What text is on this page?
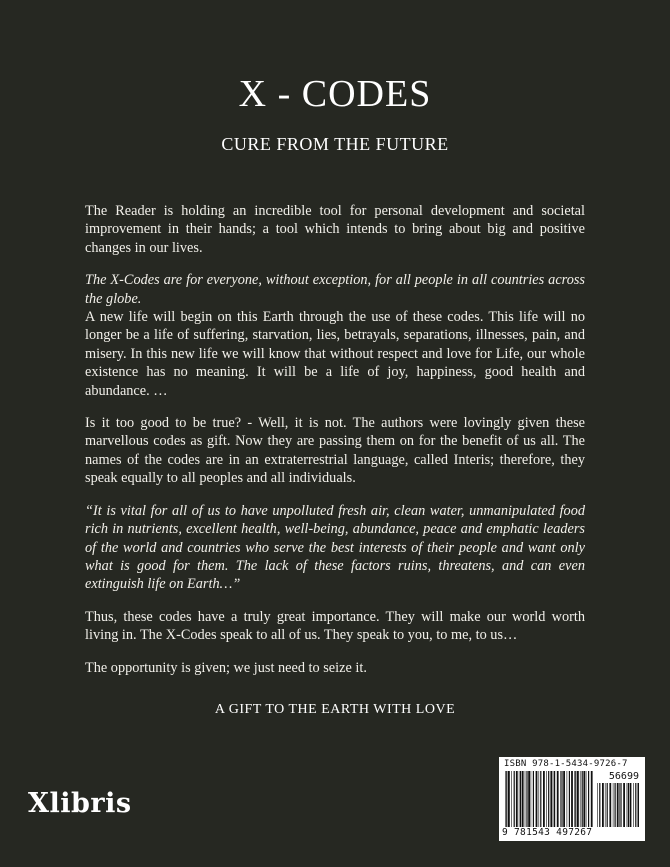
X - CODES
CURE FROM THE FUTURE

The Reader is holding an incredible tool for personal development and societal improvement in their hands; a tool which intends to bring about big and positive changes in our lives.

The X-Codes are for everyone, without exception, for all people in all countries across the globe.

A new life will begin on this Earth through the use of these codes. This life will no longer be a life of suffering, starvation, lies, betrayals, separations, illnesses, pain, and misery. In this new life we will know that without respect and love for Life, our whole existence has no meaning. It will be a life of joy, happiness, good health and abundance. …

Is it too good to be true? - Well, it is not. The authors were lovingly given these marvellous codes as gift. Now they are passing them on for the benefit of us all. The names of the codes are in an extraterrestrial language, called Interis; therefore, they speak equally to all peoples and all individuals.

“It is vital for all of us to have unpolluted fresh air, clean water, unmanipulated food rich in nutrients, excellent health, well-being, abundance, peace and emphatic leaders of the world and countries who serve the best interests of their people and want only what is good for them. The lack of these factors ruins, threatens, and can even extinguish life on Earth…”

Thus, these codes have a truly great importance. They will make our world worth living in. The X-Codes speak to all of us. They speak to you, to me, to us…

The opportunity is given; we just need to seize it.

A GIFT TO THE EARTH WITH LOVE
Xlibris
ISBN 978-1-5434-9726-7
56699
9 781543 497267
